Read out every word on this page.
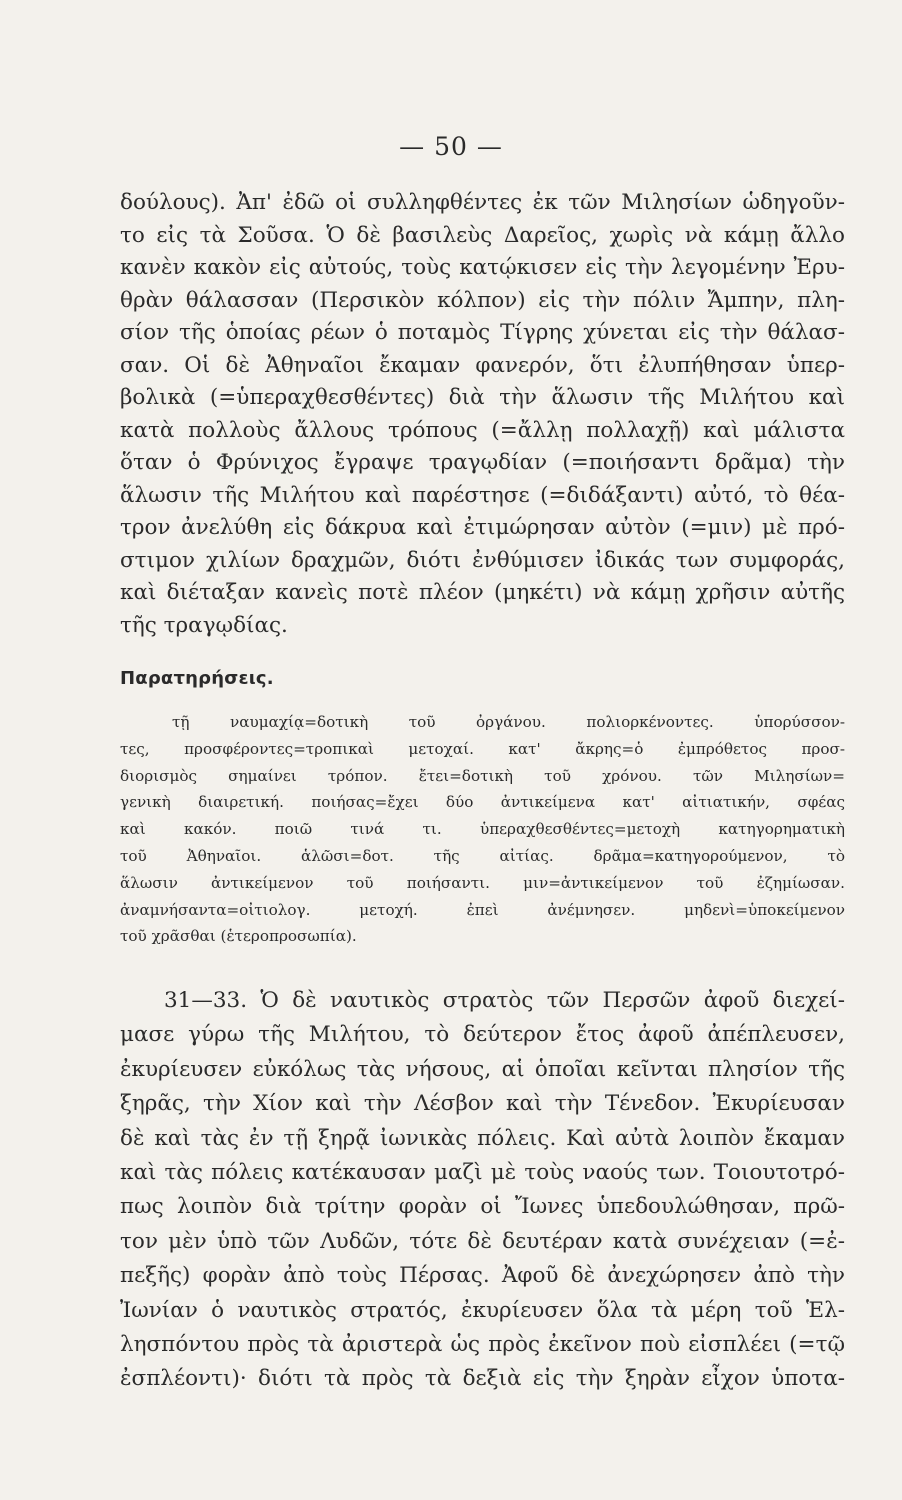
— 50 —
δούλους). Ἀπ' ἐδῶ οἱ συλληφθέντες ἐκ τῶν Μιλησίων ὡδηγοῦν-
το εἰς τὰ Σοῦσα. Ὁ δὲ βασιλεὺς Δαρεῖος, χωρὶς νὰ κάμῃ ἄλλο
κανὲν κακὸν εἰς αὐτούς, τοὺς κατῴκισεν εἰς τὴν λεγομένην Ἐρυ-
θρὰν θάλασσαν (Περσικὸν κόλπον) εἰς τὴν πόλιν Ἄμπην, πλη-
σίον τῆς ὁποίας ρέων ὁ ποταμὸς Τίγρης χύνεται εἰς τὴν θάλασ-
σαν. Οἱ δὲ Ἀθηναῖοι ἔκαμαν φανερόν, ὅτι ἐλυπήθησαν ὑπερ-
βολικὰ (=ὑπεραχθεσθέντες) διὰ τὴν ἅλωσιν τῆς Μιλήτου καὶ
κατὰ πολλοὺς ἄλλους τρόπους (=ἄλλῃ πολλαχῇ) καὶ μάλιστα
ὅταν ὁ Φρύνιχος ἔγραψε τραγῳδίαν (=ποιήσαντι δρᾶμα) τὴν
ἅλωσιν τῆς Μιλήτου καὶ παρέστησε (=διδάξαντι) αὐτό, τὸ θέα-
τρον ἀνελύθη εἰς δάκρυα καὶ ἐτιμώρησαν αὐτὸν (=μιν) μὲ πρό-
στιμον χιλίων δραχμῶν, διότι ἐνθύμισεν ἰδικάς των συμφοράς,
καὶ διέταξαν κανεὶς ποτὲ πλέον (μηκέτι) νὰ κάμῃ χρῆσιν αὐτῆς
τῆς τραγῳδίας.
Παρατηρήσεις.
τῇ ναυμαχίᾳ=δοτικὴ τοῦ ὀργάνου. πολιορκένοντες. ὑπορύσσον-
τες, προσφέροντες=τροπικαὶ μετοχαί. κατ' ἄκρης=ὁ ἐμπρόθετος προσ-
διορισμὸς σημαίνει τρόπον. ἔτει=δοτικὴ τοῦ χρόνου. τῶν Μιλησίων=
γενικὴ διαιρετική. ποιήσας=ἔχει δύο ἀντικείμενα κατ' αἰτιατικήν, σφέας
καὶ κακόν. ποιῶ τινά τι. ὑπεραχθεσθέντες=μετοχὴ κατηγορηματικὴ
τοῦ Ἀθηναῖοι. ἁλῶσι=δοτ. τῆς αἰτίας. δρᾶμα=κατηγορούμενον, τὸ
ἅλωσιν ἀντικείμενον τοῦ ποιήσαντι. μιν=ἀντικείμενον τοῦ ἐζημίωσαν.
ἀναμνήσαντα=οἰτιολογ. μετοχή. ἐπεὶ ἀνέμνησεν. μηδενὶ=ὑποκείμενον
τοῦ χρᾶσθαι (ἑτεροπροσωπία).
31—33. Ὁ δὲ ναυτικὸς στρατὸς τῶν Περσῶν ἀφοῦ διεχεί-
μασε γύρω τῆς Μιλήτου, τὸ δεύτερον ἔτος ἀφοῦ ἀπέπλευσεν,
ἐκυρίευσεν εὐκόλως τὰς νήσους, αἱ ὁποῖαι κεῖνται πλησίον τῆς
ξηρᾶς, τὴν Χίον καὶ τὴν Λέσβον καὶ τὴν Τένεδον. Ἐκυρίευσαν
δὲ καὶ τὰς ἐν τῇ ξηρᾷ ἰωνικὰς πόλεις. Καὶ αὐτὰ λοιπὸν ἔκαμαν
καὶ τὰς πόλεις κατέκαυσαν μαζὶ μὲ τοὺς ναούς των. Τοιουτοτρό-
πως λοιπὸν διὰ τρίτην φορὰν οἱ Ἴωνες ὑπεδουλώθησαν, πρῶ-
τον μὲν ὑπὸ τῶν Λυδῶν, τότε δὲ δευτέραν κατὰ συνέχειαν (=ἐ-
πεξῆς) φορὰν ἀπὸ τοὺς Πέρσας. Ἀφοῦ δὲ ἀνεχώρησεν ἀπὸ τὴν
Ἰωνίαν ὁ ναυτικὸς στρατός, ἐκυρίευσεν ὅλα τὰ μέρη τοῦ Ἑλ-
λησπόντου πρὸς τὰ ἀριστερὰ ὡς πρὸς ἐκεῖνον ποὺ εἰσπλέει (=τῷ
ἐσπλέοντι)· διότι τὰ πρὸς τὰ δεξιὰ εἰς τὴν ξηρὰν εἶχον ὑποτα-
